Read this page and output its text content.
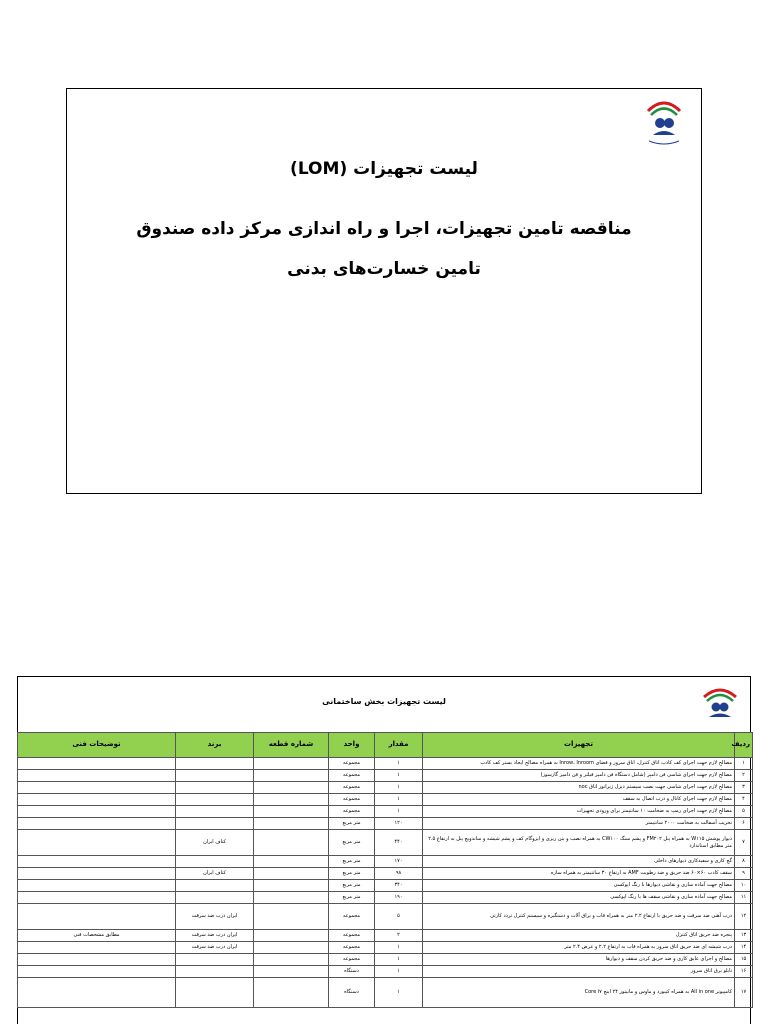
لیست تجهیزات (LOM)
مناقصه تامین تجهیزات، اجرا و راه اندازی مرکز داده صندوق
تامین خسارت‌های بدنی
لیست تجهیزات بخش ساختمانی
ردیف	تجهیزات	مقدار	واحد	شماره قطعه	برند	توضیحات فنی
۱	مصالح لازم جهت اجرای کف کاذب اتاق کنترل، اتاق سرور و فضای Inrow، Inroom به همراه مصالح ایجاد بستر کف کاذب	۱	مجموعه			
۲	مصالح لازم جهت اجرای شاسی فن دامپر (شامل دستگاه فن دامپر فیلتر و فن دامپر گازسوز)	۱	مجموعه			
۳	مصالح لازم جهت اجرای شاسی جهت نصب سیستم دیزل ژنراتور اتاق noc	۱	مجموعه			
۴	مصالح لازم جهت اجرای کانال و درب اتصال به سقف	۱	مجموعه			
۵	مصالح لازم جهت اجرای رمپ به ضخامت ۱۰ سانتیمتر برای ورودی تجهیزات	۱	مجموعه			
۶	تخریب آسفالت به ضخامت ۲۰۰۰ سانتیمتر	۱۲۰	متر مربع			
۷	دیوار پوشش W۱۱۵ به همراه پنل FM۲۰۲ و پشم سنگ CW۱۰۰ به همراه نصب و بتن ریزی و ایزوگام کف و پشم شیشه و ساندویچ پنل به ارتفاع ۲.۵ متر مطابق استاندارد	۴۴۰	متر مربع		کناف ایران	
۸	گچ کاری و سفیدکاری دیوارهای داخلی	۱۷۰	متر مربع			
۹	سقف کاذب ۶۰×۶۰ ضد حریق و ضد رطوبت AMF به ارتفاع ۳۰ سانتیمتر به همراه سازه	۹۸	متر مربع		کناف ایران	
۱۰	مصالح جهت آماده سازی و نقاشی دیوارها با رنگ اپوکسی	۳۴۰	متر مربع			
۱۱	مصالح جهت آماده سازی و نقاشی سقف ها با رنگ اپوکسی	۱۹۰	متر مربع			
۱۲	درب آهنی ضد سرقت و ضد حریق با ارتفاع ۲.۲ متر به همراه قاب و یراق آلات و دستگیره و سیستم کنترل تردد کارتی	۵	مجموعه		ایران درب ضد سرقت	
۱۳	پنجره ضد حریق اتاق کنترل	۲	مجموعه		ایران درب ضد سرقت	مطابق مشخصات فنی
۱۴	درب شیشه ای ضد حریق اتاق سرور به همراه قاب به ارتفاع ۲.۲ و عرض ۲.۴ متر	۱	مجموعه		ایران درب ضد سرقت	
۱۵	مصالح و اجرای عایق کاری و ضد حریق کردن سقف و دیوارها	۱	مجموعه			
۱۶	تابلو برق اتاق سرور	۱	دستگاه			
۱۷	کامپیوتر All in one به همراه کیبورد و ماوس و مانیتور ۲۴ اینچ Core i۷	۱	دستگاه			
